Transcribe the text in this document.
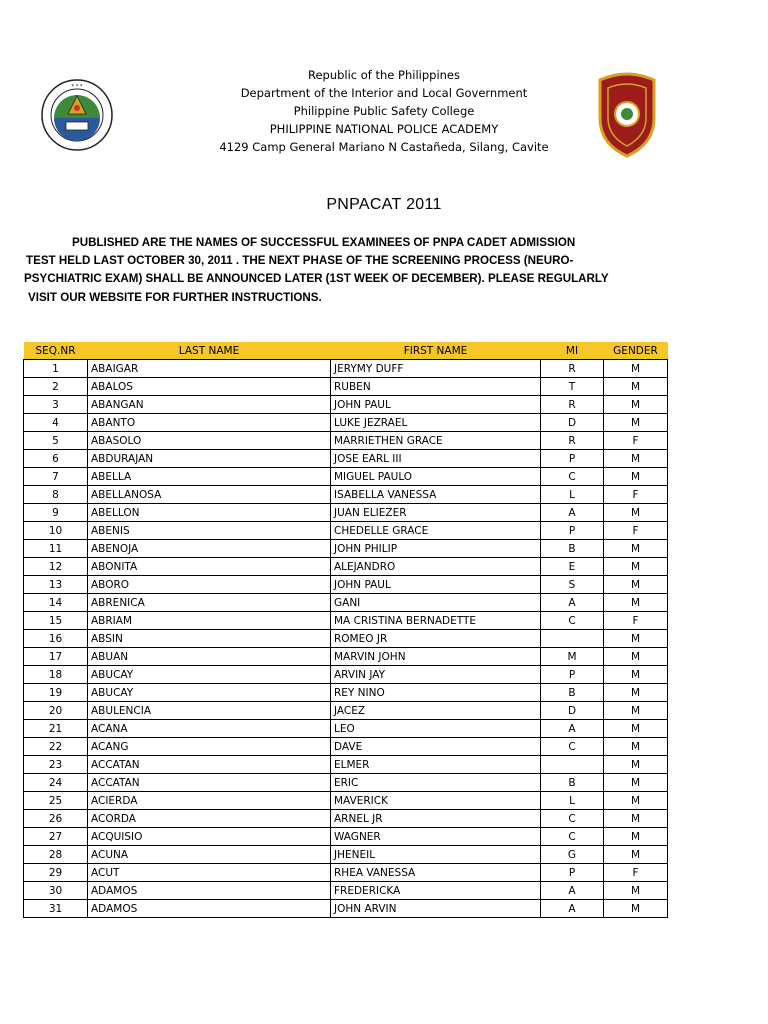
* * *
Republic of the Philippines
Department of the Interior and Local Government
Philippine Public Safety College
PHILIPPINE NATIONAL POLICE ACADEMY
4129 Camp General Mariano N Castañeda, Silang, Cavite
PNPACAT 2011
PUBLISHED ARE THE NAMES OF SUCCESSFUL EXAMINEES OF PNPA CADET ADMISSION
TEST HELD LAST OCTOBER 30, 2011 . THE NEXT PHASE OF THE SCREENING PROCESS (NEURO-
PSYCHIATRIC EXAM) SHALL BE ANNOUNCED LATER (1ST WEEK OF DECEMBER). PLEASE REGULARLY
VISIT OUR WEBSITE FOR FURTHER INSTRUCTIONS.
SEQ.NR	LAST NAME	FIRST NAME	MI	GENDER
1	ABAIGAR	JERYMY DUFF	R	M
2	ABALOS	RUBEN	T	M
3	ABANGAN	JOHN PAUL	R	M
4	ABANTO	LUKE JEZRAEL	D	M
5	ABASOLO	MARRIETHEN GRACE	R	F
6	ABDURAJAN	JOSE EARL III	P	M
7	ABELLA	MIGUEL PAULO	C	M
8	ABELLANOSA	ISABELLA VANESSA	L	F
9	ABELLON	JUAN ELIEZER	A	M
10	ABENIS	CHEDELLE GRACE	P	F
11	ABENOJA	JOHN PHILIP	B	M
12	ABONITA	ALEJANDRO	E	M
13	ABORO	JOHN PAUL	S	M
14	ABRENICA	GANI	A	M
15	ABRIAM	MA CRISTINA BERNADETTE	C	F
16	ABSIN	ROMEO JR		M
17	ABUAN	MARVIN JOHN	M	M
18	ABUCAY	ARVIN JAY	P	M
19	ABUCAY	REY NINO	B	M
20	ABULENCIA	JACEZ	D	M
21	ACANA	LEO	A	M
22	ACANG	DAVE	C	M
23	ACCATAN	ELMER		M
24	ACCATAN	ERIC	B	M
25	ACIERDA	MAVERICK	L	M
26	ACORDA	ARNEL JR	C	M
27	ACQUISIO	WAGNER	C	M
28	ACUNA	JHENEIL	G	M
29	ACUT	RHEA VANESSA	P	F
30	ADAMOS	FREDERICKA	A	M
31	ADAMOS	JOHN ARVIN	A	M
